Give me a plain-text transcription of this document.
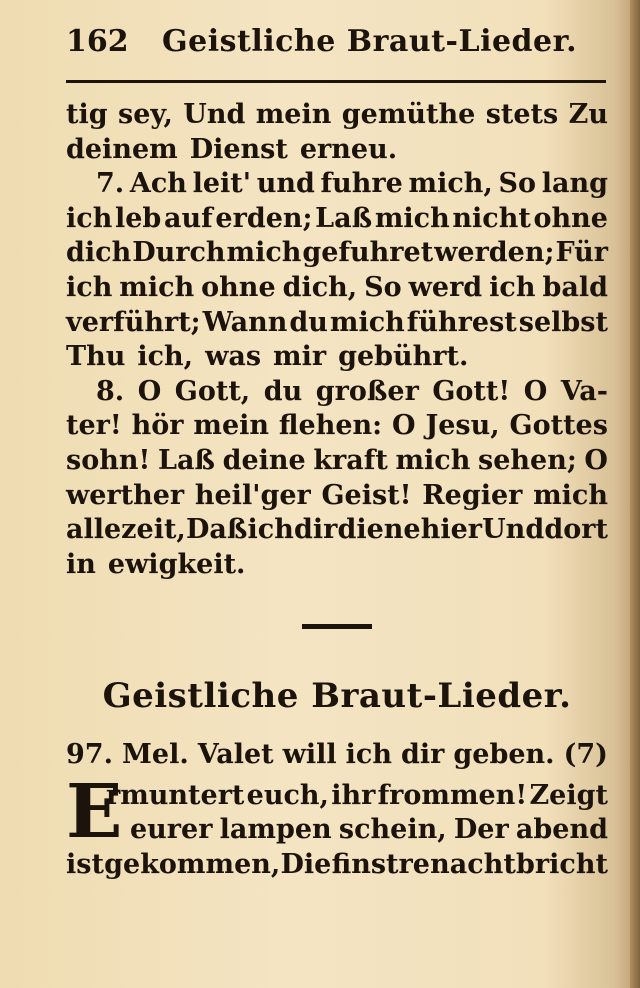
162	Geistliche Braut-Lieder.
tig sey, Und mein gemüthe stets Zu
deinem Dienst erneu.
7. Ach leit' und fuhre mich, So lang
ich leb auf erden; Laß mich nicht ohne
dich Durch mich gefuhret werden; Für
ich mich ohne dich, So werd ich bald
verführt; Wann du mich führest selbst
Thu ich, was mir gebührt.
8. O Gott, du großer Gott! O Va-
ter! hör mein flehen: O Jesu, Gottes
sohn! Laß deine kraft mich sehen; O
werther heil'ger Geist! Regier mich
allezeit, Daß ich dir diene hier Und dort
in ewigkeit.
Geistliche Braut-Lieder.
97. Mel. Valet will ich dir geben. (7)
E
rmuntert euch, ihr frommen! Zeigt
eurer lampen schein, Der abend
ist gekommen, Die finstre nacht bricht
